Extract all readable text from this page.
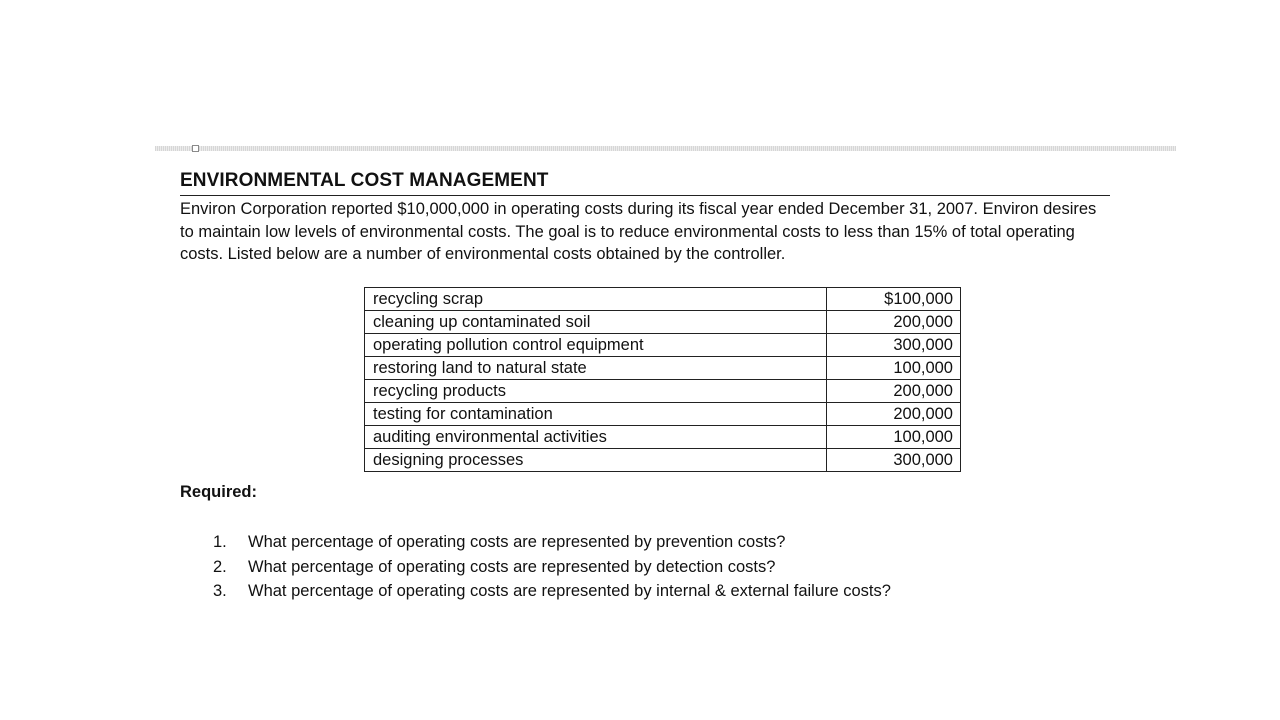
ENVIRONMENTAL COST MANAGEMENT
Environ Corporation reported $10,000,000 in operating costs during its fiscal year ended December 31, 2007. Environ desires to maintain low levels of environmental costs. The goal is to reduce environmental costs to less than 15% of total operating costs. Listed below are a number of environmental costs obtained by the controller.
recycling scrap	$100,000
cleaning up contaminated soil	200,000
operating pollution control equipment	300,000
restoring land to natural state	100,000
recycling products	200,000
testing for contamination	200,000
auditing environmental activities	100,000
designing processes	300,000
Required:
1.	What percentage of operating costs are represented by prevention costs?
2.	What percentage of operating costs are represented by detection costs?
3.	What percentage of operating costs are represented by internal & external failure costs?
